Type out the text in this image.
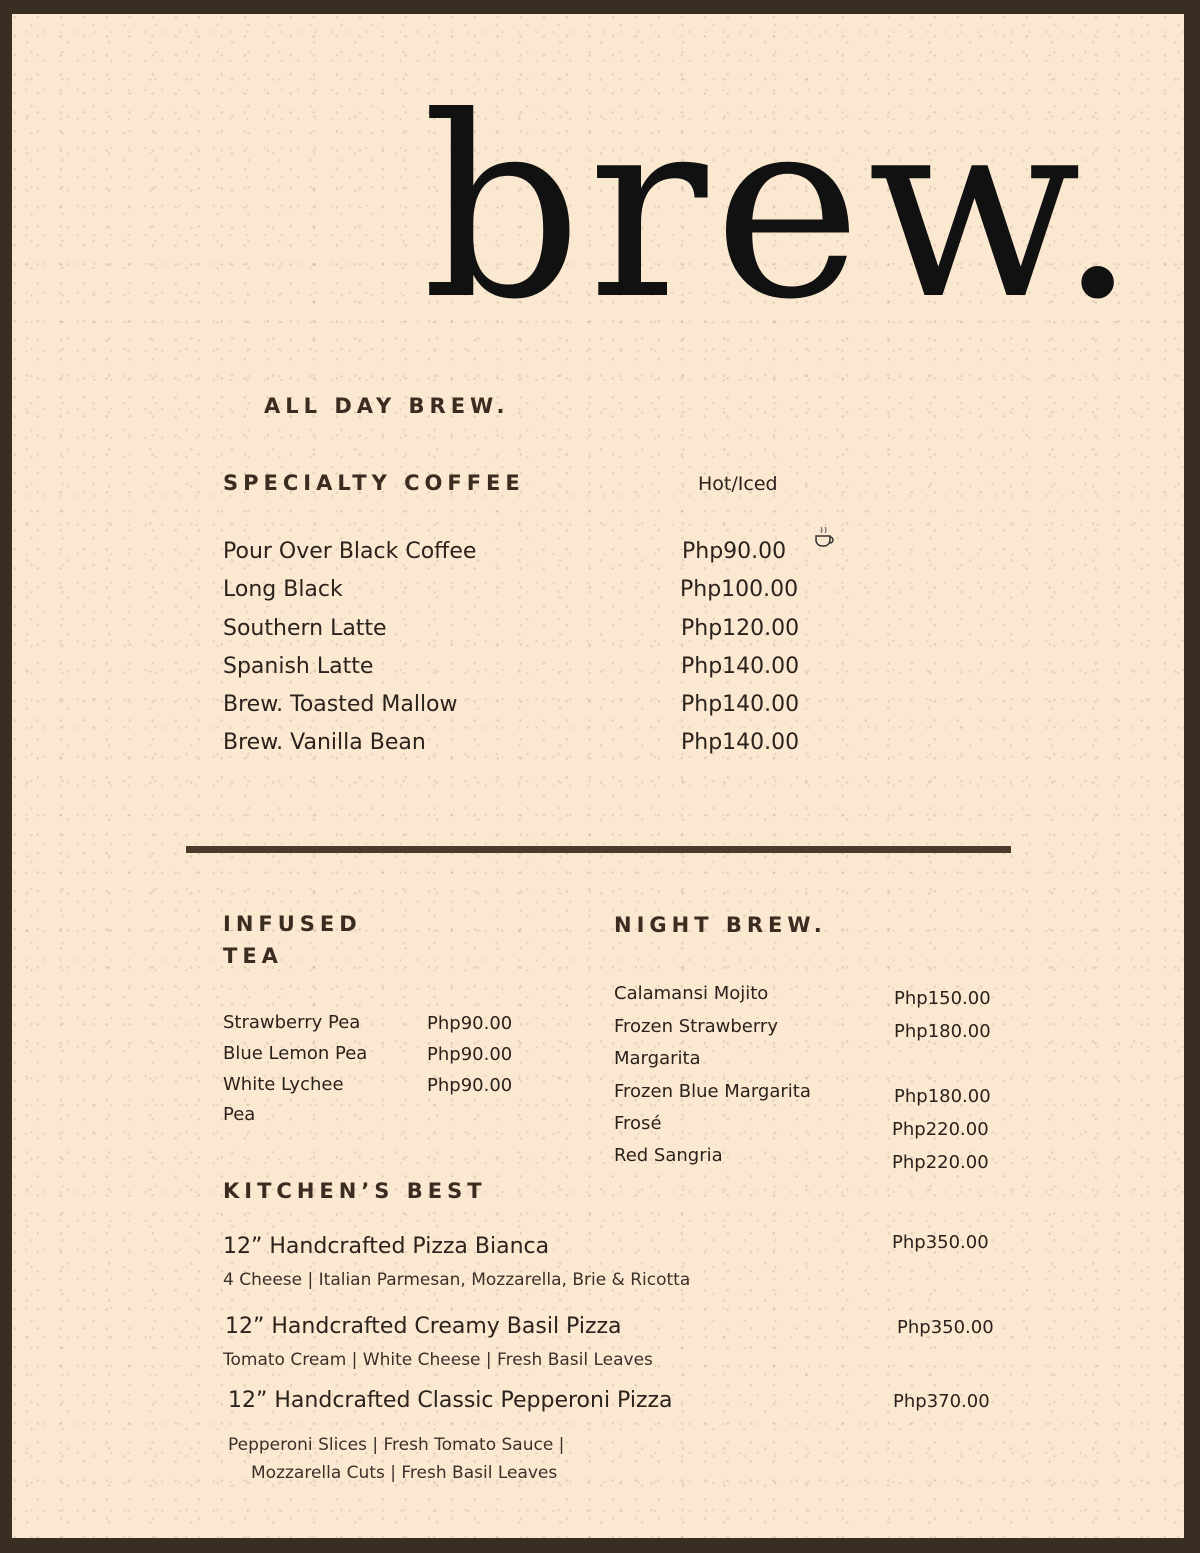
brew.
ALL DAY BREW.
SPECIALTY COFFEE	Hot/Iced
Pour Over Black Coffee	Php90.00
Long Black	Php100.00
Southern Latte	Php120.00
Spanish Latte	Php140.00
Brew. Toasted Mallow	Php140.00
Brew. Vanilla Bean	Php140.00
INFUSED
TEA
Strawberry Pea	Php90.00
Blue Lemon Pea	Php90.00
White Lychee
Pea
Php90.00
NIGHT BREW.
Calamansi Mojito	Php150.00
Frozen Strawberry
Margarita
Php180.00
Frozen Blue Margarita	Php180.00
Frosé	Php220.00
Red Sangria	Php220.00
KITCHEN’S BEST
12” Handcrafted Pizza Bianca	Php350.00
4 Cheese | Italian Parmesan, Mozzarella, Brie & Ricotta
12” Handcrafted Creamy Basil Pizza	Php350.00
Tomato Cream | White Cheese | Fresh Basil Leaves
12” Handcrafted Classic Pepperoni Pizza	Php370.00
Pepperoni Slices | Fresh Tomato Sauce |
Mozzarella Cuts | Fresh Basil Leaves
